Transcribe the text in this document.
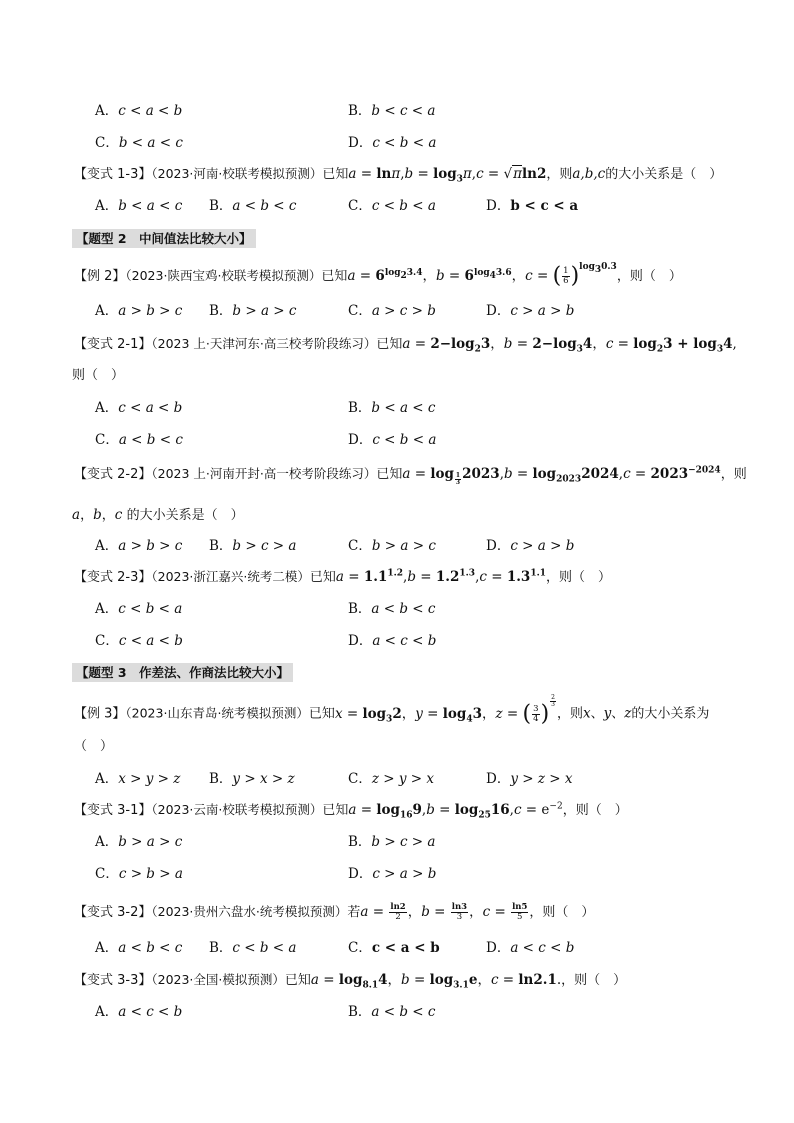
A．c < a < b	B．b < c < a
C．b < a < c	D．c < b < a
【变式 1-3】（2023·河南·校联考模拟预测）已知$a = \ln\pi,b = \log_3\pi,c = √\pi\ln 2$，则a,b,c的大小关系是（　）
A．b < a < c B．a < b < c	C．c < b < a	D．b < c < a
【题型 2　中间值法比较大小】
【例 2】（2023·陕西宝鸡·校联考模拟预测）已知$a = 6^{log_23.4}$，$b = 6^{log_43.6}$，c = ( $\frac{1}{6} )^{log_30.3}$，则（　）
A．a > b > c B．b > a > c	C．a > c > b	D．c > a > b
【变式 2-1】（2023 上·天津河东·高三校考阶段练习）已知$a = 2-\log_23$，$b = 2-\log_34$，$c = \log_23 + \log_34$,
则（　）
A．c < a < b	B．b < a < c
C．a < b < c	D．c < b < a
【变式 2-2】（2023 上·河南开封·高一校考阶段练习）已知a = log $_{\frac{1}{3}}$ $2023,b = \log_{2023}2024,c = 2023^{-2024}$，则
a，b，c 的大小关系是（　）
A．a > b > c B．b > c > a	C．b > a > c	D．c > a > b
【变式 2-3】（2023·浙江嘉兴·统考二模）已知$a = 1.1^{1.2},b = 1.2^{1.3},c = 1.3^{1.1}$，则（　）
A．c < b < a	B．a < b < c
C．c < a < b	D．a < c < b
【题型 3　作差法、作商法比较大小】
【例 3】（2023·山东青岛·统考模拟预测）已知$x = \log_32$，$y = \log_43$，z = ( $\frac{3}{4}$ ) $^{\frac{2}{3}}$
，则x、y、z的大小关系为
（　）
A．x > y > z B．y > x > z	C．z > y > x	D．y > z > x
【变式 3-1】（2023·云南·校联考模拟预测）已知$a = \log_{16}9,b = \log_{25}16,c = e^{-2}$，则（　）
A．b > a > c	B．b > c > a
C．c > b > a	D．c > a > b
【变式 3-2】（2023·贵州六盘水·统考模拟预测）若$a = \frac{\ln 2}{2}$ ，$b = \frac{\ln 3}{3}$ ，$c = \frac{\ln 5}{5}$ ，则（　）
A．a < b < c B．c < b < a	C．c < a < b	D．a < c < b
【变式 3-3】（2023·全国·模拟预测）已知$a = \log_{8.1}4$，$b = \log_{3.1}e$，c = ln2.1.，则（　）
A．a < c < b	B．a < b < c
